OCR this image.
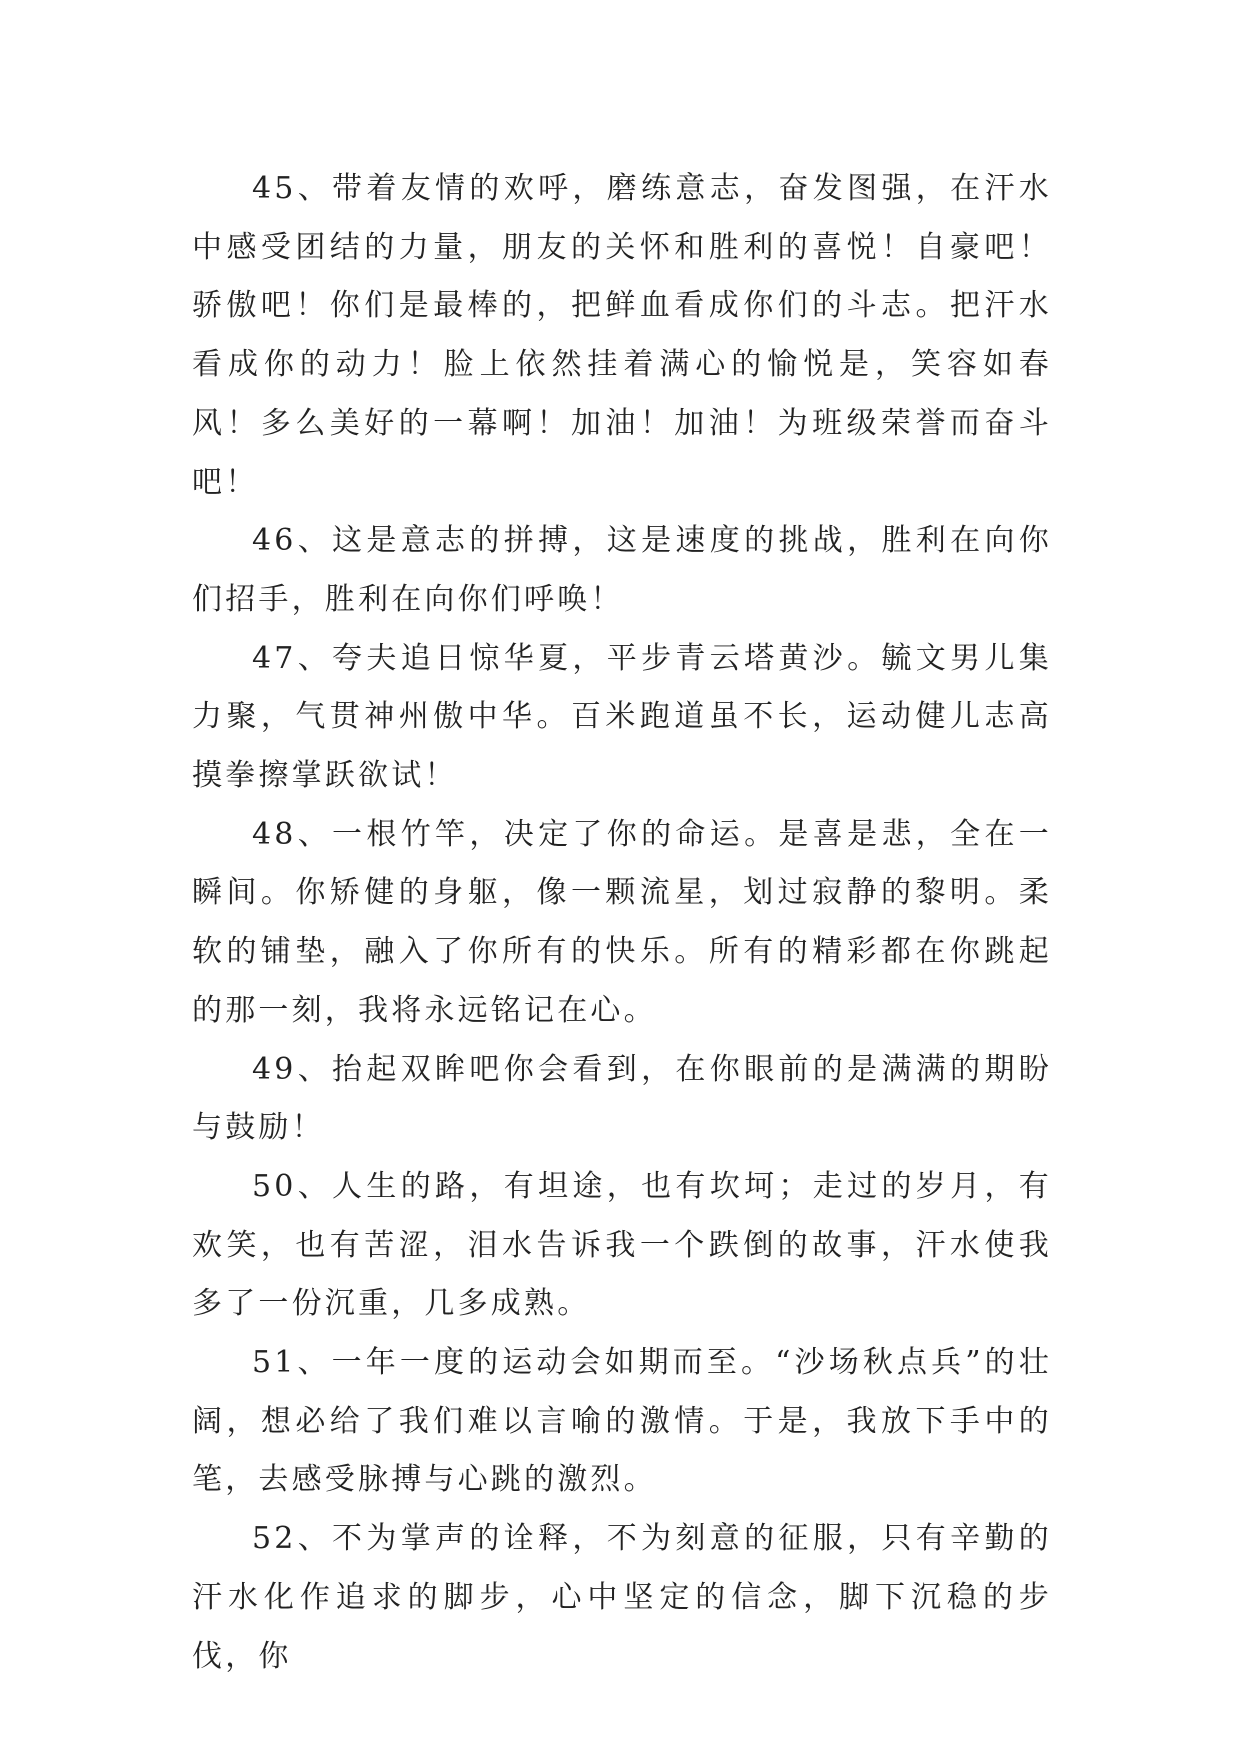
45、带着友情的欢呼，磨练意志，奋发图强，在汗水中感受团结的力量，朋友的关怀和胜利的喜悦！自豪吧！骄傲吧！你们是最棒的，把鲜血看成你们的斗志。把汗水看成你的动力！脸上依然挂着满心的愉悦是，笑容如春风！多么美好的一幕啊！加油！加油！为班级荣誉而奋斗吧！

46、这是意志的拼搏，这是速度的挑战，胜利在向你们招手，胜利在向你们呼唤！

47、夸夫追日惊华夏，平步青云塔黄沙。毓文男儿集力聚，气贯神州傲中华。百米跑道虽不长，运动健儿志高摸拳擦掌跃欲试！

48、一根竹竿，决定了你的命运。是喜是悲，全在一瞬间。你矫健的身躯，像一颗流星，划过寂静的黎明。柔软的铺垫，融入了你所有的快乐。所有的精彩都在你跳起的那一刻，我将永远铭记在心。

49、抬起双眸吧你会看到，在你眼前的是满满的期盼与鼓励！

50、人生的路，有坦途，也有坎坷；走过的岁月，有欢笑，也有苦涩，泪水告诉我一个跌倒的故事，汗水使我多了一份沉重，几多成熟。

51、一年一度的运动会如期而至。“沙场秋点兵”的壮阔，想必给了我们难以言喻的激情。于是，我放下手中的笔，去感受脉搏与心跳的激烈。

52、不为掌声的诠释，不为刻意的征服，只有辛勤的汗水化作追求的脚步，心中坚定的信念，脚下沉稳的步伐，你
